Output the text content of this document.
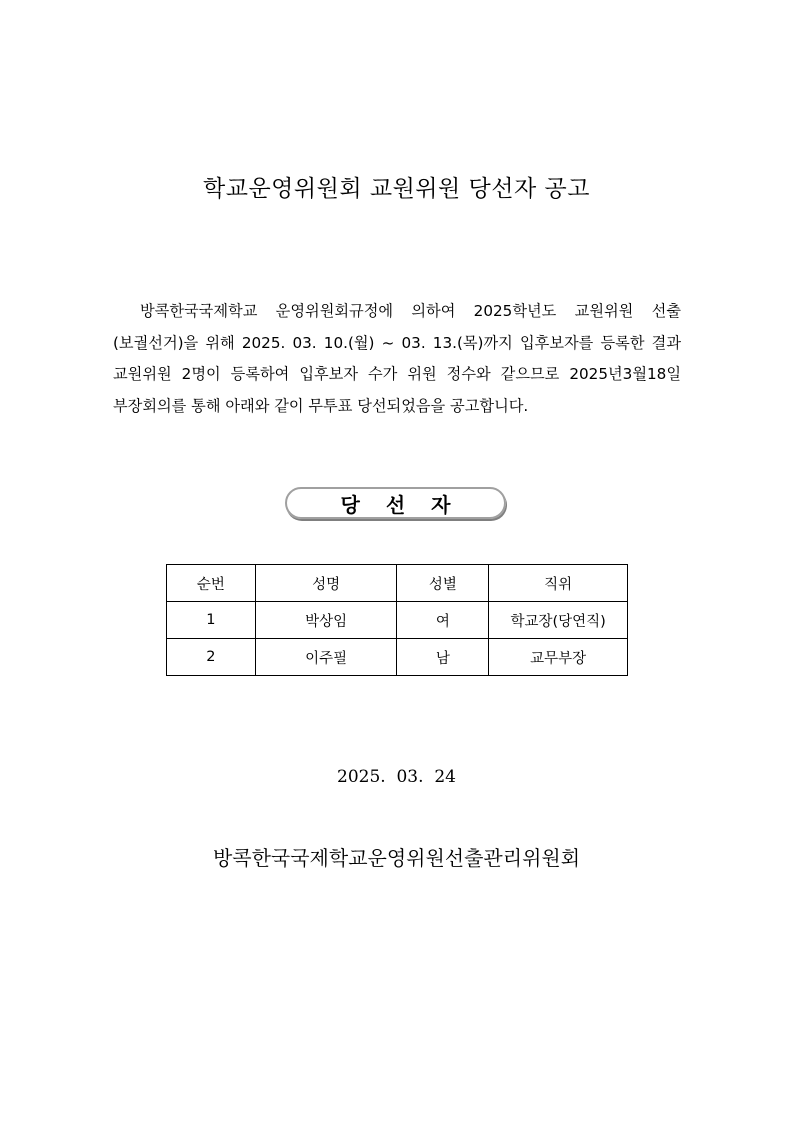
학교운영위원회 교원위원 당선자 공고

방콕한국국제학교 운영위원회규정에 의하여 2025학년도 교원위원 선출(보궐선거)을 위해 2025. 03. 10.(월) ~ 03. 13.(목)까지 입후보자를 등록한 결과 교원위원 2명이 등록하여 입후보자 수가 위원 정수와 같으므로 2025년3월18일 부장회의를 통해 아래와 같이 무투표 당선되었음을 공고합니다.

당선자
순번	성명	성별	직위
1	박상임	여	학교장(당연직)
2	이주필	남	교무부장
2025.  03.  24
방콕한국국제학교운영위원선출관리위원회
